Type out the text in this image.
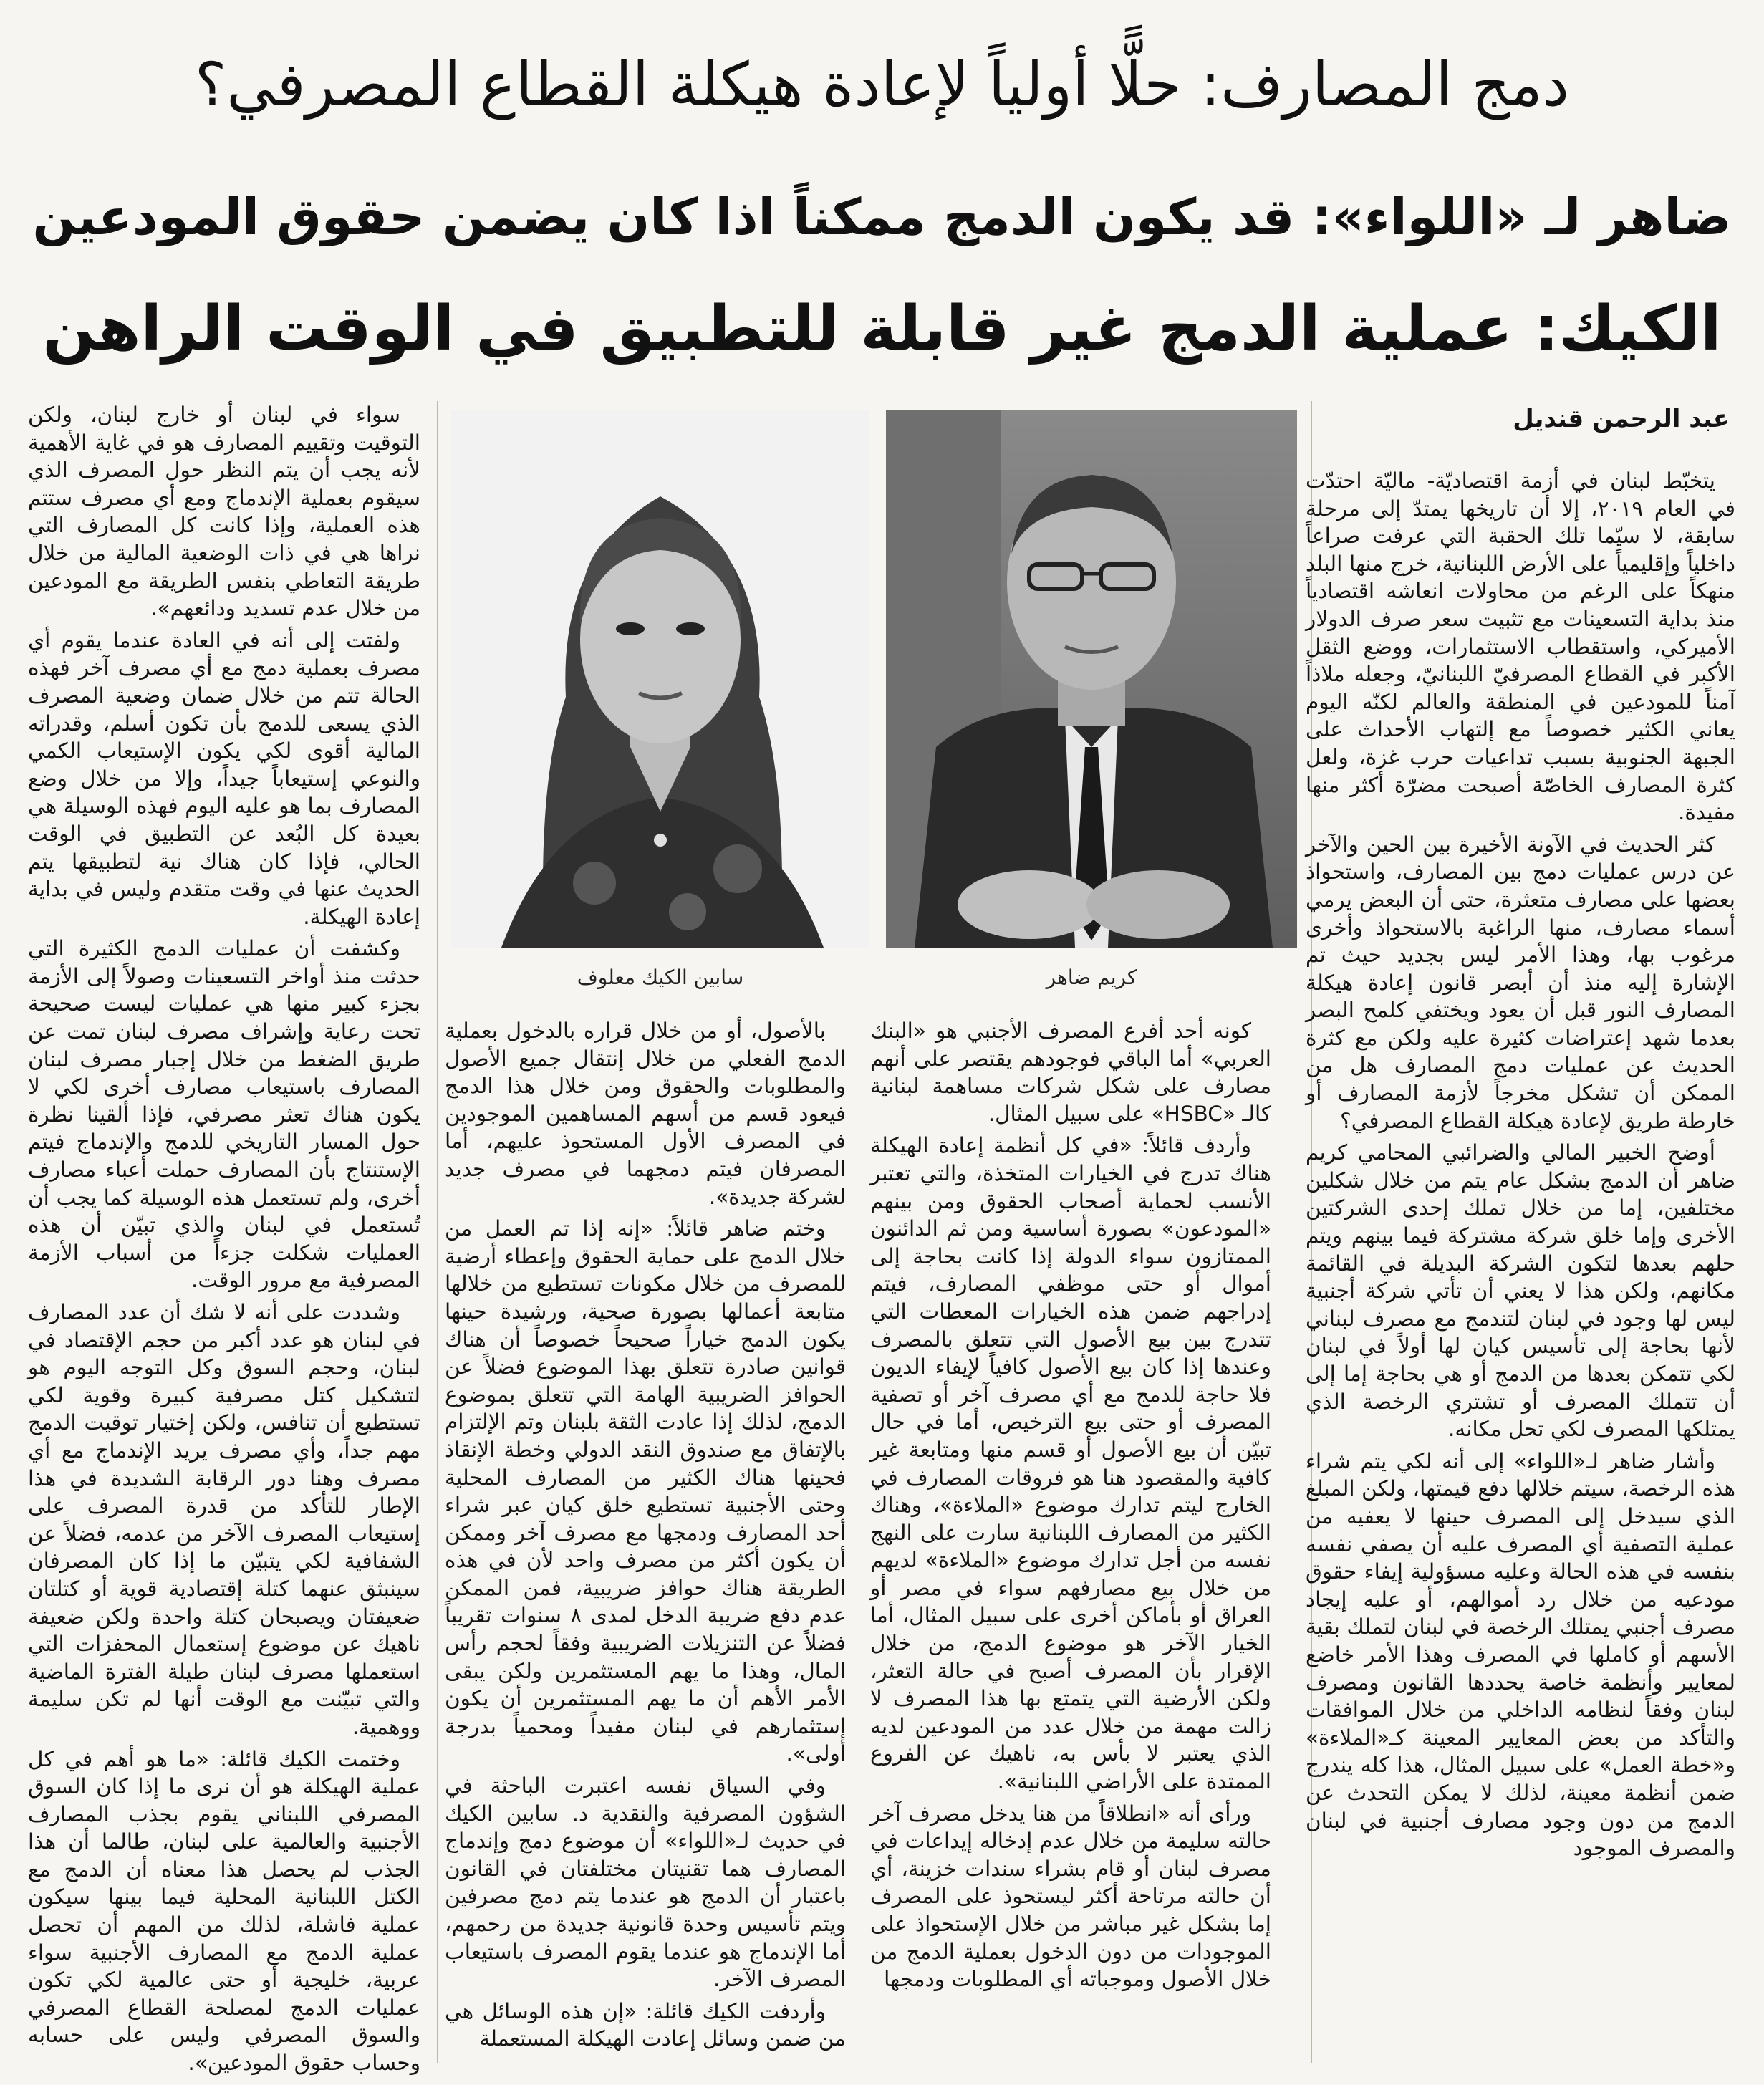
دمج المصارف: حلًّا أولياً لإعادة هيكلة القطاع المصرفي؟
ضاهر لـ «اللواء»: قد يكون الدمج ممكناً اذا كان يضمن حقوق المودعين
الكيك: عملية الدمج غير قابلة للتطبيق في الوقت الراهن
عبد الرحمن قنديل

يتخبّط لبنان في أزمة اقتصاديّة- ماليّة احتدّت في العام ٢٠١٩، إلا أن تاريخها يمتدّ إلى مرحلة سابقة، لا سيّما تلك الحقبة التي عرفت صراعاً داخلياً وإقليمياً على الأرض اللبنانية، خرج منها البلد منهكاً على الرغم من محاولات انعاشه اقتصادياً منذ بداية التسعينات مع تثبيت سعر صرف الدولار الأميركي، واستقطاب الاستثمارات، ووضع الثقل الأكبر في القطاع المصرفيّ اللبنانيّ، وجعله ملاذاً آمناً للمودعين في المنطقة والعالم لكنّه اليوم يعاني الكثير خصوصاً مع إلتهاب الأحداث على الجبهة الجنوبية بسبب تداعيات حرب غزة، ولعل كثرة المصارف الخاصّة أصبحت مضرّة أكثر منها مفيدة.

كثر الحديث في الآونة الأخيرة بين الحين والآخر عن درس عمليات دمج بين المصارف، واستحواذ بعضها على مصارف متعثرة، حتى أن البعض يرمي أسماء مصارف، منها الراغبة بالاستحواذ وأخرى مرغوب بها، وهذا الأمر ليس بجديد حيث تم الإشارة إليه منذ أن أبصر قانون إعادة هيكلة المصارف النور قبل أن يعود ويختفي كلمح البصر بعدما شهد إعتراضات كثيرة عليه ولكن مع كثرة الحديث عن عمليات دمج المصارف هل من الممكن أن تشكل مخرجاً لأزمة المصارف أو خارطة طريق لإعادة هيكلة القطاع المصرفي؟

أوضح الخبير المالي والضرائبي المحامي كريم ضاهر أن الدمج بشكل عام يتم من خلال شكلين مختلفين، إما من خلال تملك إحدى الشركتين الأخرى وإما خلق شركة مشتركة فيما بينهم ويتم حلهم بعدها لتكون الشركة البديلة في القائمة مكانهم، ولكن هذا لا يعني أن تأتي شركة أجنبية ليس لها وجود في لبنان لتندمج مع مصرف لبناني لأنها بحاجة إلى تأسيس كيان لها أولاً في لبنان لكي تتمكن بعدها من الدمج أو هي بحاجة إما إلى أن تتملك المصرف أو تشتري الرخصة الذي يمتلكها المصرف لكي تحل مكانه.

وأشار ضاهر لـ«اللواء» إلى أنه لكي يتم شراء هذه الرخصة، سيتم خلالها دفع قيمتها، ولكن المبلغ الذي سيدخل إلى المصرف حينها لا يعفيه من عملية التصفية أي المصرف عليه أن يصفي نفسه بنفسه في هذه الحالة وعليه مسؤولية إيفاء حقوق مودعيه من خلال رد أموالهم، أو عليه إيجاد مصرف أجنبي يمتلك الرخصة في لبنان لتملك بقية الأسهم أو كاملها في المصرف وهذا الأمر خاضع لمعايير وأنظمة خاصة يحددها القانون ومصرف لبنان وفقاً لنظامه الداخلي من خلال الموافقات والتأكد من بعض المعايير المعينة كـ«الملاءة» و«خطة العمل» على سبيل المثال، هذا كله يندرج ضمن أنظمة معينة، لذلك لا يمكن التحدث عن الدمج من دون وجود مصارف أجنبية في لبنان والمصرف الموجود

كريم ضاهر
سابين الكيك معلوف

كونه أحد أفرع المصرف الأجنبي هو «البنك العربي» أما الباقي فوجودهم يقتصر على أنهم مصارف على شكل شركات مساهمة لبنانية كالـ «HSBC» على سبيل المثال.

وأردف قائلاً: «في كل أنظمة إعادة الهيكلة هناك تدرج في الخيارات المتخذة، والتي تعتبر الأنسب لحماية أصحاب الحقوق ومن بينهم «المودعون» بصورة أساسية ومن ثم الدائنون الممتازون سواء الدولة إذا كانت بحاجة إلى أموال أو حتى موظفي المصارف، فيتم إدراجهم ضمن هذه الخيارات المعطات التي تتدرج بين بيع الأصول التي تتعلق بالمصرف وعندها إذا كان بيع الأصول كافياً لإيفاء الديون فلا حاجة للدمج مع أي مصرف آخر أو تصفية المصرف أو حتى بيع الترخيص، أما في حال تبيّن أن بيع الأصول أو قسم منها ومتابعة غير كافية والمقصود هنا هو فروقات المصارف في الخارج ليتم تدارك موضوع «الملاءة»، وهناك الكثير من المصارف اللبنانية سارت على النهج نفسه من أجل تدارك موضوع «الملاءة» لديهم من خلال بيع مصارفهم سواء في مصر أو العراق أو بأماكن أخرى على سبيل المثال، أما الخيار الآخر هو موضوع الدمج، من خلال الإقرار بأن المصرف أصبح في حالة التعثر، ولكن الأرضية التي يتمتع بها هذا المصرف لا زالت مهمة من خلال عدد من المودعين لديه الذي يعتبر لا بأس به، ناهيك عن الفروع الممتدة على الأراضي اللبنانية».

ورأى أنه «انطلاقاً من هنا يدخل مصرف آخر حالته سليمة من خلال عدم إدخاله إيداعات في مصرف لبنان أو قام بشراء سندات خزينة، أي أن حالته مرتاحة أكثر ليستحوذ على المصرف إما بشكل غير مباشر من خلال الإستحواذ على الموجودات من دون الدخول بعملية الدمج من خلال الأصول وموجباته أي المطلوبات ودمجها

بالأصول، أو من خلال قراره بالدخول بعملية الدمج الفعلي من خلال إنتقال جميع الأصول والمطلوبات والحقوق ومن خلال هذا الدمج فيعود قسم من أسهم المساهمين الموجودين في المصرف الأول المستحوذ عليهم، أما المصرفان فيتم دمجهما في مصرف جديد لشركة جديدة».

وختم ضاهر قائلاً: «إنه إذا تم العمل من خلال الدمج على حماية الحقوق وإعطاء أرضية للمصرف من خلال مكونات تستطيع من خلالها متابعة أعمالها بصورة صحية، ورشيدة حينها يكون الدمج خياراً صحيحاً خصوصاً أن هناك قوانين صادرة تتعلق بهذا الموضوع فضلاً عن الحوافز الضريبية الهامة التي تتعلق بموضوع الدمج، لذلك إذا عادت الثقة بلبنان وتم الإلتزام بالإتفاق مع صندوق النقد الدولي وخطة الإنقاذ فحينها هناك الكثير من المصارف المحلية وحتى الأجنبية تستطيع خلق كيان عبر شراء أحد المصارف ودمجها مع مصرف آخر وممكن أن يكون أكثر من مصرف واحد لأن في هذه الطريقة هناك حوافز ضريبية، فمن الممكن عدم دفع ضريبة الدخل لمدى ٨ سنوات تقريباً فضلاً عن التنزيلات الضريبية وفقاً لحجم رأس المال، وهذا ما يهم المستثمرين ولكن يبقى الأمر الأهم أن ما يهم المستثمرين أن يكون إستثمارهم في لبنان مفيداً ومحمياً بدرجة أولى».

وفي السياق نفسه اعتبرت الباحثة في الشؤون المصرفية والنقدية د. سابين الكيك في حديث لـ«اللواء» أن موضوع دمج وإندماج المصارف هما تقنيتان مختلفتان في القانون باعتبار أن الدمج هو عندما يتم دمج مصرفين ويتم تأسيس وحدة قانونية جديدة من رحمهم، أما الإندماج هو عندما يقوم المصرف باستيعاب المصرف الآخر.

وأردفت الكيك قائلة: «إن هذه الوسائل هي من ضمن وسائل إعادت الهيكلة المستعملة

سواء في لبنان أو خارج لبنان، ولكن التوقيت وتقييم المصارف هو في غاية الأهمية لأنه يجب أن يتم النظر حول المصرف الذي سيقوم بعملية الإندماج ومع أي مصرف ستتم هذه العملية، وإذا كانت كل المصارف التي نراها هي في ذات الوضعية المالية من خلال طريقة التعاطي بنفس الطريقة مع المودعين من خلال عدم تسديد ودائعهم».

ولفتت إلى أنه في العادة عندما يقوم أي مصرف بعملية دمج مع أي مصرف آخر فهذه الحالة تتم من خلال ضمان وضعية المصرف الذي يسعى للدمج بأن تكون أسلم، وقدراته المالية أقوى لكي يكون الإستيعاب الكمي والنوعي إستيعاباً جيداً، وإلا من خلال وضع المصارف بما هو عليه اليوم فهذه الوسيلة هي بعيدة كل البُعد عن التطبيق في الوقت الحالي، فإذا كان هناك نية لتطبيقها يتم الحديث عنها في وقت متقدم وليس في بداية إعادة الهيكلة.

وكشفت أن عمليات الدمج الكثيرة التي حدثت منذ أواخر التسعينات وصولاً إلى الأزمة بجزء كبير منها هي عمليات ليست صحيحة تحت رعاية وإشراف مصرف لبنان تمت عن طريق الضغط من خلال إجبار مصرف لبنان المصارف باستيعاب مصارف أخرى لكي لا يكون هناك تعثر مصرفي، فإذا ألقينا نظرة حول المسار التاريخي للدمج والإندماج فيتم الإستنتاج بأن المصارف حملت أعباء مصارف أخرى، ولم تستعمل هذه الوسيلة كما يجب أن تُستعمل في لبنان والذي تبيّن أن هذه العمليات شكلت جزءاً من أسباب الأزمة المصرفية مع مرور الوقت.

وشددت على أنه لا شك أن عدد المصارف في لبنان هو عدد أكبر من حجم الإقتصاد في لبنان، وحجم السوق وكل التوجه اليوم هو لتشكيل كتل مصرفية كبيرة وقوية لكي تستطيع أن تنافس، ولكن إختيار توقيت الدمج مهم جداً، وأي مصرف يريد الإندماج مع أي مصرف وهنا دور الرقابة الشديدة في هذا الإطار للتأكد من قدرة المصرف على إستيعاب المصرف الآخر من عدمه، فضلاً عن الشفافية لكي يتبيّن ما إذا كان المصرفان سينبثق عنهما كتلة إقتصادية قوية أو كتلتان ضعيفتان ويصبحان كتلة واحدة ولكن ضعيفة ناهيك عن موضوع إستعمال المحفزات التي استعملها مصرف لبنان طيلة الفترة الماضية والتي تبيّنت مع الوقت أنها لم تكن سليمة ووهمية.

وختمت الكيك قائلة: «ما هو أهم في كل عملية الهيكلة هو أن نرى ما إذا كان السوق المصرفي اللبناني يقوم بجذب المصارف الأجنبية والعالمية على لبنان، طالما أن هذا الجذب لم يحصل هذا معناه أن الدمج مع الكتل اللبنانية المحلية فيما بينها سيكون عملية فاشلة، لذلك من المهم أن تحصل عملية الدمج مع المصارف الأجنبية سواء عربية، خليجية أو حتى عالمية لكي تكون عمليات الدمج لمصلحة القطاع المصرفي والسوق المصرفي وليس على حسابه وحساب حقوق المودعين».
